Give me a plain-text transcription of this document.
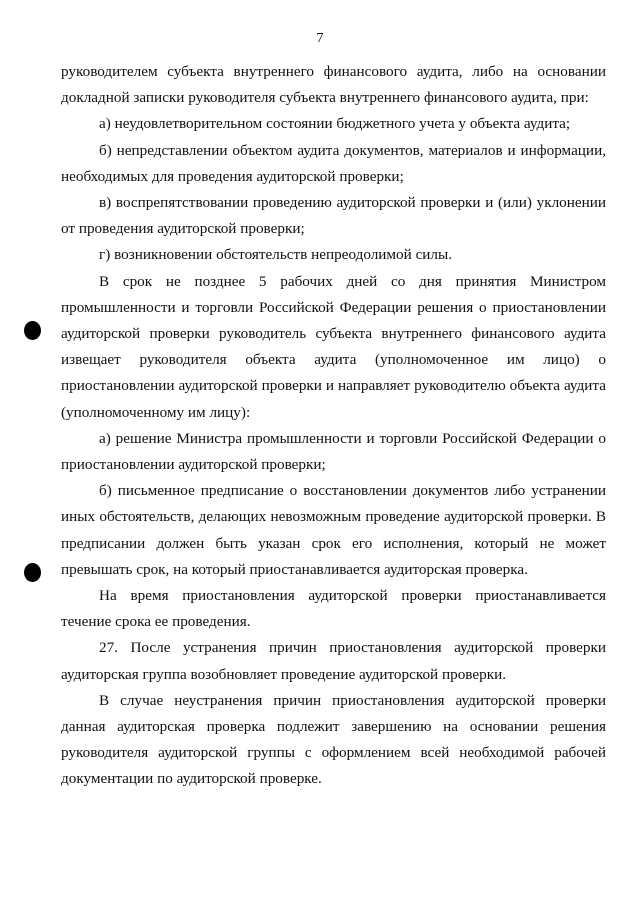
7

руководителем субъекта внутреннего финансового аудита, либо на основании докладной записки руководителя субъекта внутреннего финансового аудита, при:

а) неудовлетворительном состоянии бюджетного учета у объекта аудита;

б) непредставлении объектом аудита документов, материалов и информации, необходимых для проведения аудиторской проверки;

в) воспрепятствовании проведению аудиторской проверки и (или) уклонении от проведения аудиторской проверки;

г) возникновении обстоятельств непреодолимой силы.

В срок не позднее 5 рабочих дней со дня принятия Министром промышленности и торговли Российской Федерации решения о приостановлении аудиторской проверки руководитель субъекта внутреннего финансового аудита извещает руководителя объекта аудита (уполномоченное им лицо) о приостановлении аудиторской проверки и направляет руководителю объекта аудита (уполномоченному им лицу):

а) решение Министра промышленности и торговли Российской Федерации о приостановлении аудиторской проверки;

б) письменное предписание о восстановлении документов либо устранении иных обстоятельств, делающих невозможным проведение аудиторской проверки. В предписании должен быть указан срок его исполнения, который не может превышать срок, на который приостанавливается аудиторская проверка.

На время приостановления аудиторской проверки приостанавливается течение срока ее проведения.

27. После устранения причин приостановления аудиторской проверки аудиторская группа возобновляет проведение аудиторской проверки.

В случае неустранения причин приостановления аудиторской проверки данная аудиторская проверка подлежит завершению на основании решения руководителя аудиторской группы с оформлением всей необходимой рабочей документации по аудиторской проверке.
